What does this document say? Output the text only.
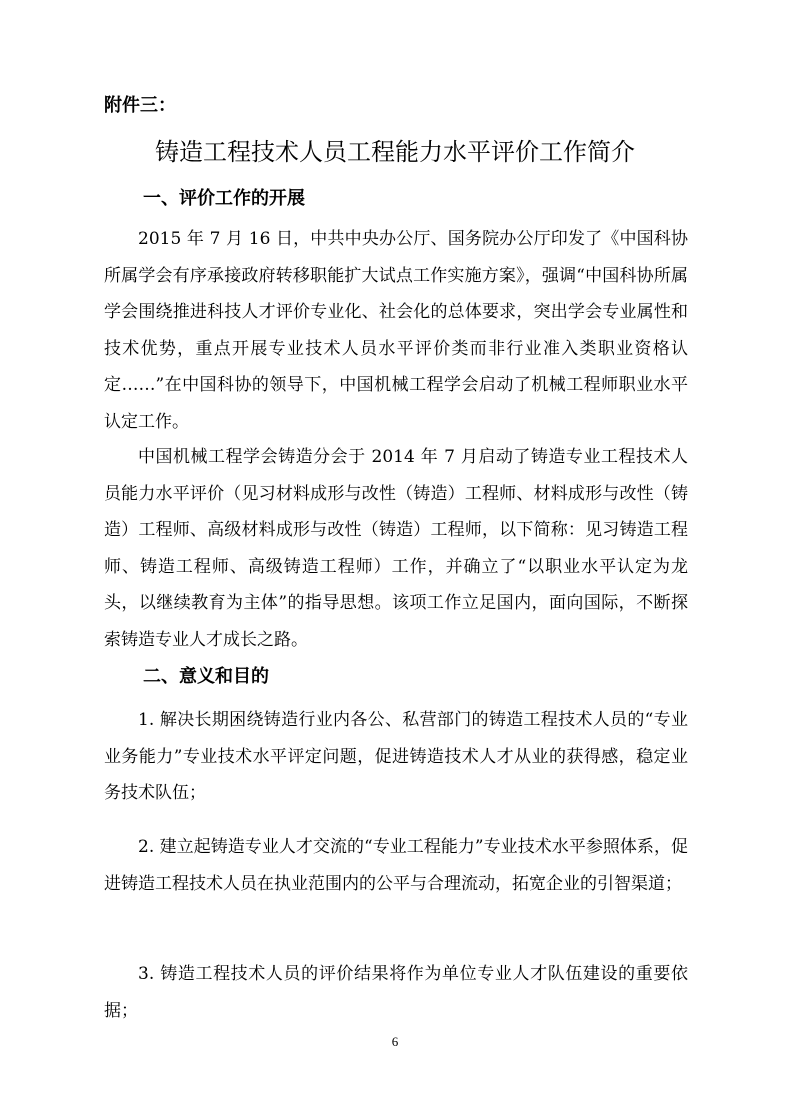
附件三：

铸造工程技术人员工程能力水平评价工作简介
一、评价工作的开展

2015 年 7 月 16 日，中共中央办公厅、国务院办公厅印发了《中国科协所属学会有序承接政府转移职能扩大试点工作实施方案》，强调“中国科协所属学会围绕推进科技人才评价专业化、社会化的总体要求，突出学会专业属性和技术优势，重点开展专业技术人员水平评价类而非行业准入类职业资格认定……”在中国科协的领导下，中国机械工程学会启动了机械工程师职业水平认定工作。

中国机械工程学会铸造分会于 2014 年 7 月启动了铸造专业工程技术人员能力水平评价（见习材料成形与改性（铸造）工程师、材料成形与改性（铸造）工程师、高级材料成形与改性（铸造）工程师，以下简称：见习铸造工程师、铸造工程师、高级铸造工程师）工作，并确立了“以职业水平认定为龙头，以继续教育为主体”的指导思想。该项工作立足国内，面向国际，不断探索铸造专业人才成长之路。

二、意义和目的

1. 解决长期困绕铸造行业内各公、私营部门的铸造工程技术人员的“专业业务能力”专业技术水平评定问题，促进铸造技术人才从业的获得感，稳定业务技术队伍；

2. 建立起铸造专业人才交流的“专业工程能力”专业技术水平参照体系，促进铸造工程技术人员在执业范围内的公平与合理流动，拓宽企业的引智渠道；

3. 铸造工程技术人员的评价结果将作为单位专业人才队伍建设的重要依据；

6
